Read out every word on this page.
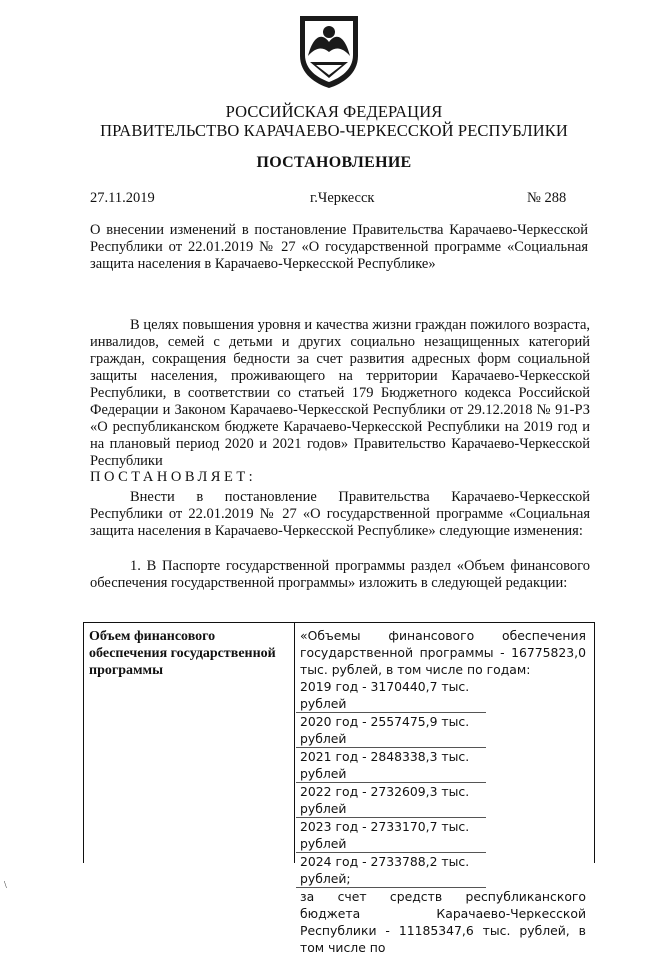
РОССИЙСКАЯ ФЕДЕРАЦИЯ
ПРАВИТЕЛЬСТВО КАРАЧАЕВО-ЧЕРКЕССКОЙ РЕСПУБЛИКИ
ПОСТАНОВЛЕНИЕ
27.11.2019	г.Черкесск	№ 288
О внесении изменений в постановление Правительства Карачаево-Черкесской Республики от 22.01.2019 № 27 «О государственной программе «Социальная защита населения в Карачаево-Черкесской Республике»
В целях повышения уровня и качества жизни граждан пожилого возраста, инвалидов, семей с детьми и других социально незащищенных категорий граждан, сокращения бедности за счет развития адресных форм социальной защиты населения, проживающего на территории Карачаево-Черкесской Республики, в соответствии со статьей 179 Бюджетного кодекса Российской Федерации и Законом Карачаево-Черкесской Республики от 29.12.2018 № 91-РЗ «О республиканском бюджете Карачаево-Черкесской Республики на 2019 год и на плановый период 2020 и 2021 годов» Правительство Карачаево-Черкесской Республики
ПОСТАНОВЛЯЕТ:
Внести в постановление Правительства Карачаево-Черкесской Республики от 22.01.2019 № 27 «О государственной программе «Социальная защита населения в Карачаево-Черкесской Республике» следующие изменения:
1. В Паспорте государственной программы раздел «Объем финансового обеспечения государственной программы» изложить в следующей редакции:
Объем финансового обеспечения государственной программы
«Объемы финансового обеспечения государственной программы - 16775823,0 тыс. рублей, в том числе по годам:
2019 год - 3170440,7 тыс. рублей
2020 год - 2557475,9 тыс. рублей
2021 год - 2848338,3 тыс. рублей
2022 год - 2732609,3 тыс. рублей
2023 год - 2733170,7 тыс. рублей
2024 год - 2733788,2 тыс. рублей;
за счет средств республиканского бюджета Карачаево-Черкесской Республики - 11185347,6 тыс. рублей, в том числе по
\
